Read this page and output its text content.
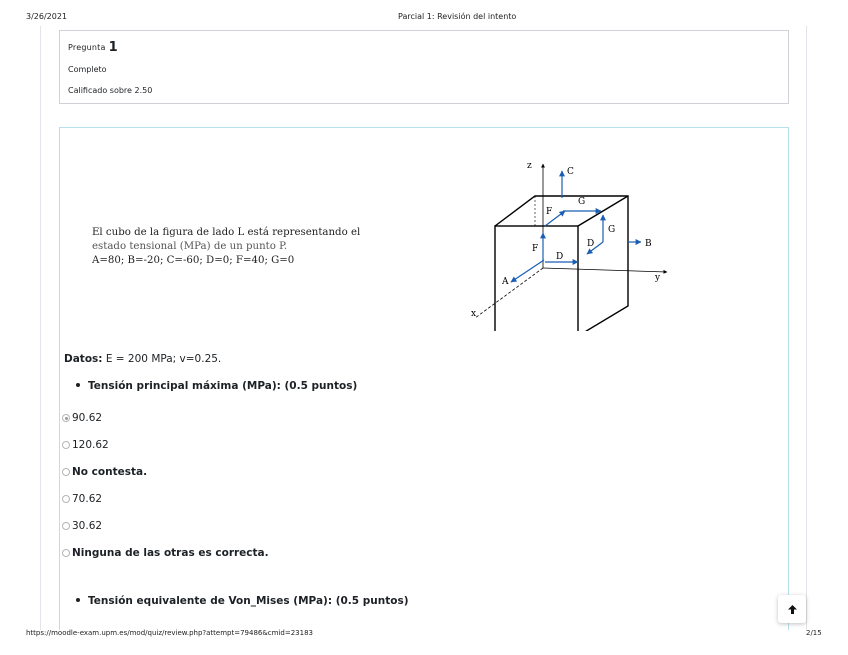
3/26/2021	Parcial 1: Revisión del intento
Pregunta 1
Completo
Calificado sobre 2.50
El cubo de la figura de lado L está representando el
estado tensional (MPa) de un punto P.
A=80; B=-20; C=-60; D=0; F=40; G=0
z
y
x
C
B
A
F
F
G
G
D
D
Datos: E = 200 MPa; v=0.25.
Tensión principal máxima (MPa): (0.5 puntos)
90.62
120.62
No contesta.
70.62
30.62
Ninguna de las otras es correcta.
Tensión equivalente de Von_Mises (MPa): (0.5 puntos)
https://moodle-exam.upm.es/mod/quiz/review.php?attempt=79486&cmid=23183	2/15
